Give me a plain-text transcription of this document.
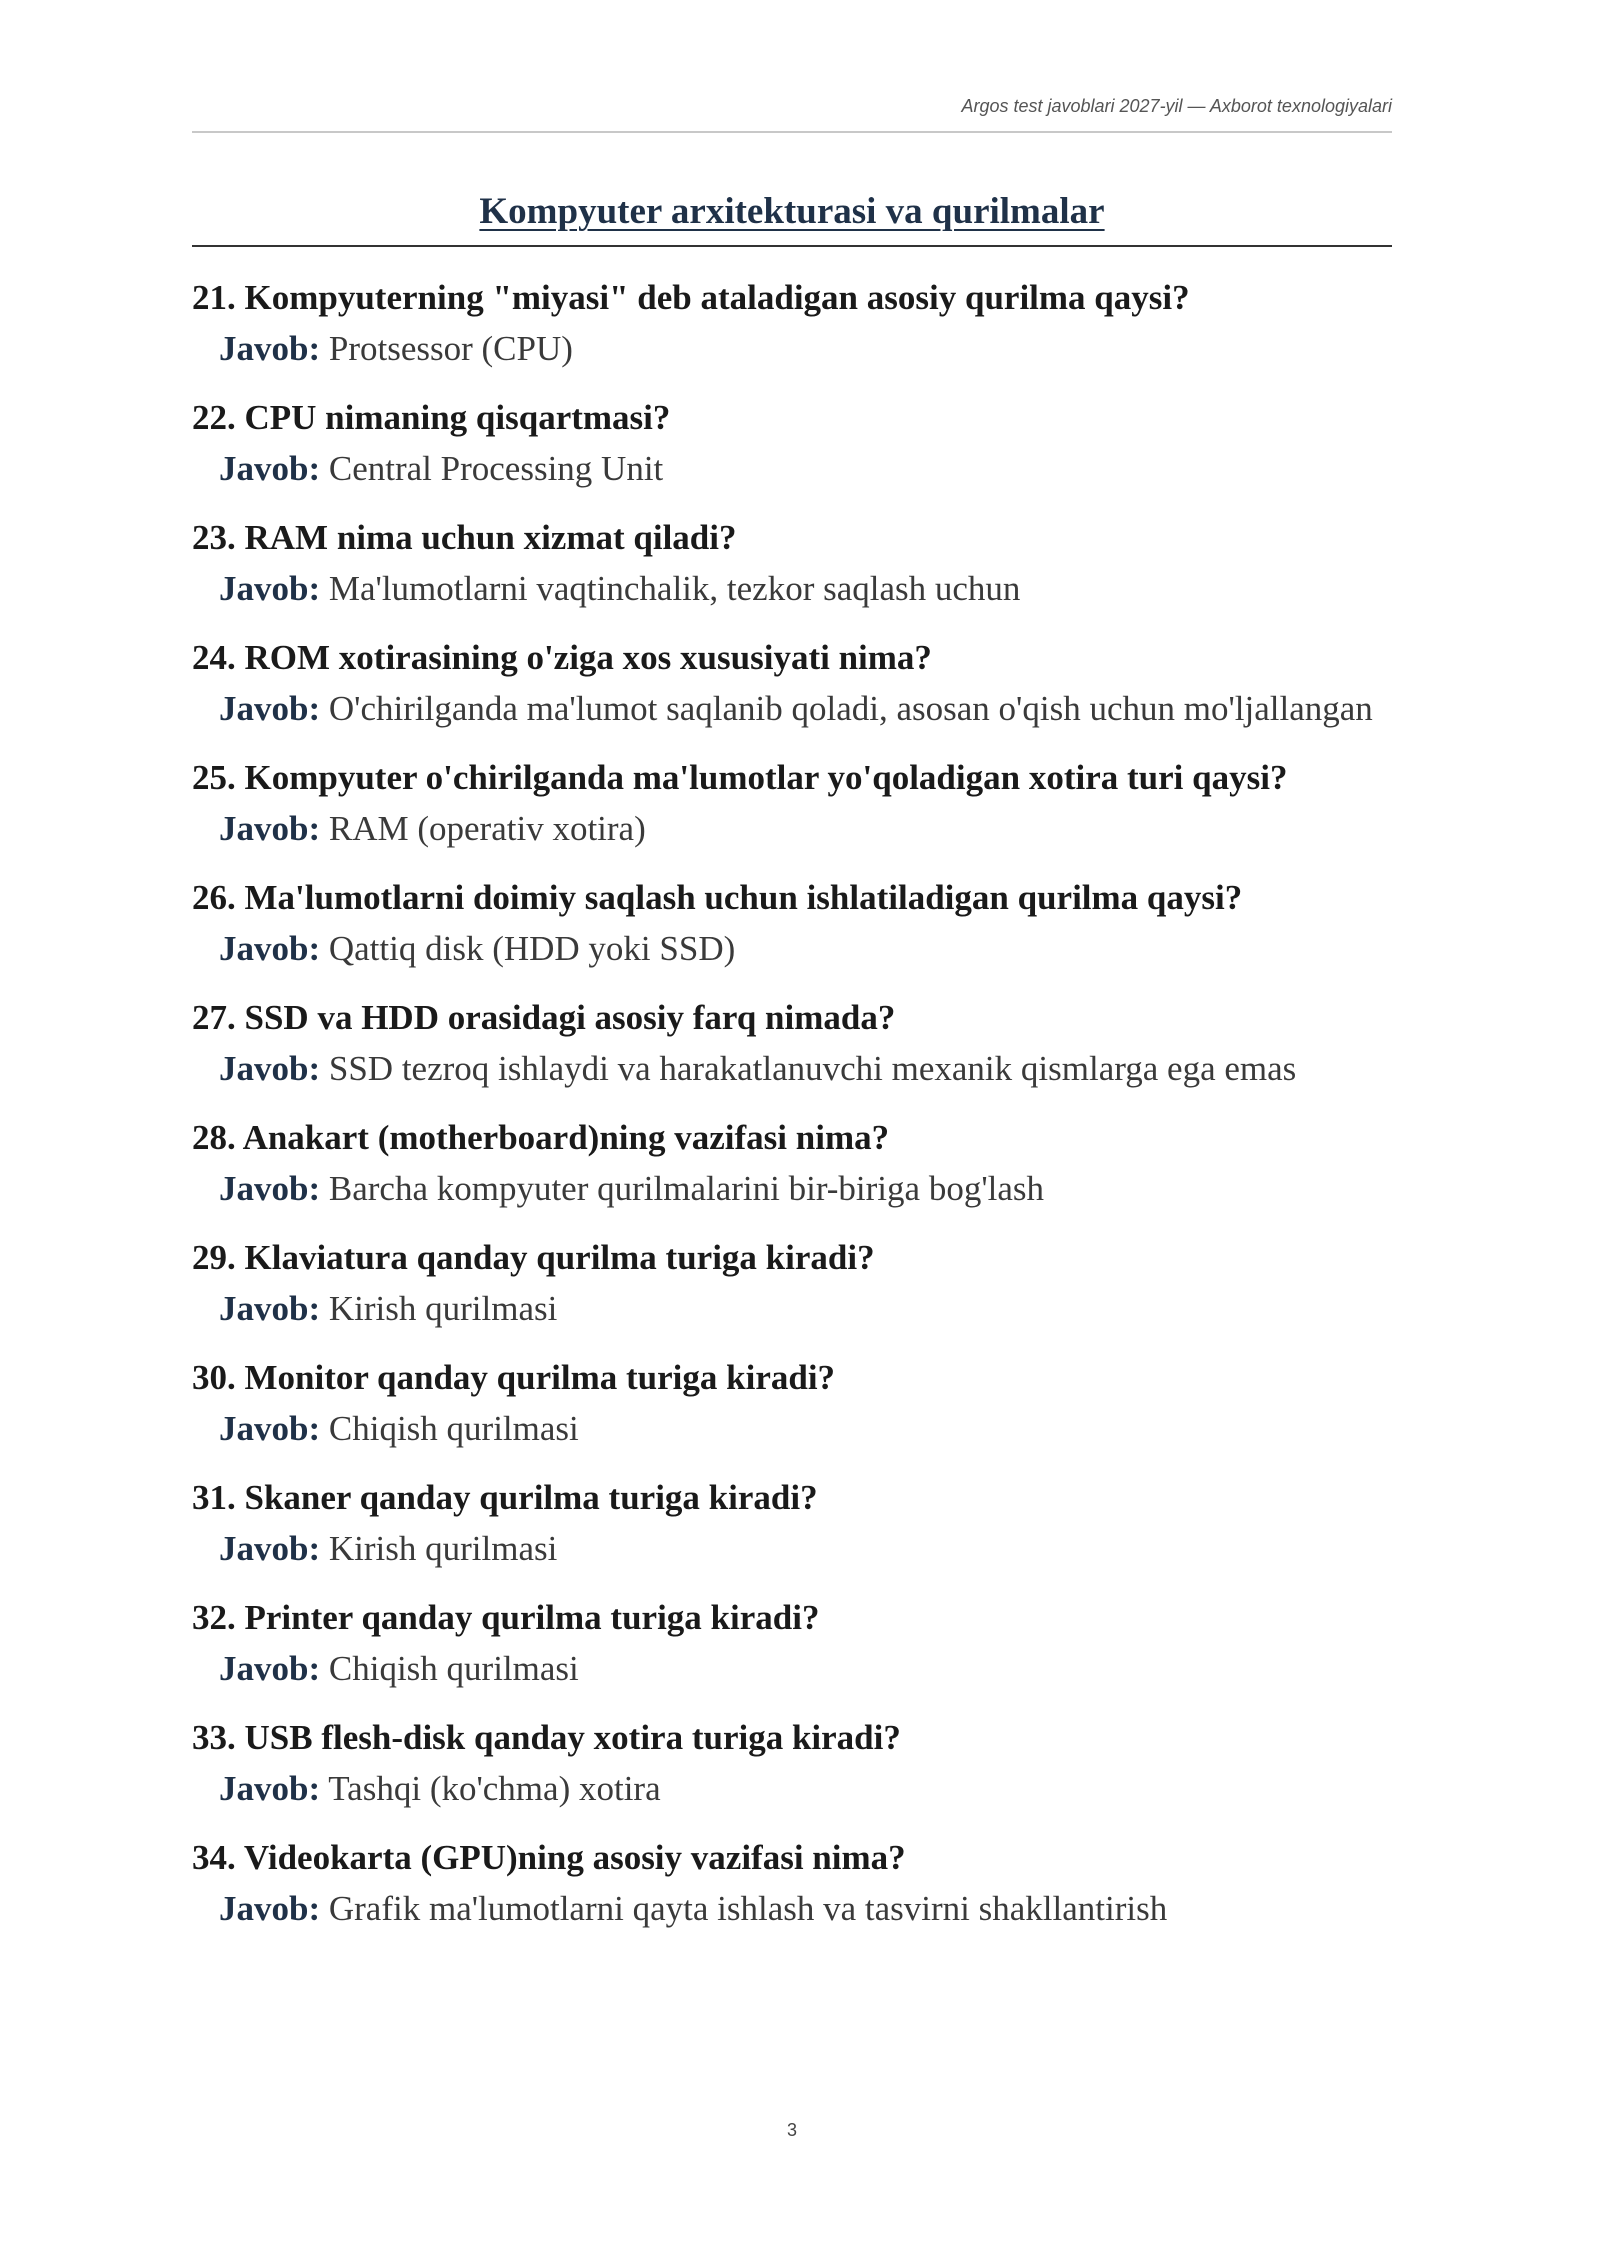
Argos test javoblari 2027-yil — Axborot texnologiyalari
Kompyuter arxitekturasi va qurilmalar
21. Kompyuterning "miyasi" deb ataladigan asosiy qurilma qaysi?
Javob: Protsessor (CPU)
22. CPU nimaning qisqartmasi?
Javob: Central Processing Unit
23. RAM nima uchun xizmat qiladi?
Javob: Ma'lumotlarni vaqtinchalik, tezkor saqlash uchun
24. ROM xotirasining o'ziga xos xususiyati nima?
Javob: O'chirilganda ma'lumot saqlanib qoladi, asosan o'qish uchun mo'ljallangan
25. Kompyuter o'chirilganda ma'lumotlar yo'qoladigan xotira turi qaysi?
Javob: RAM (operativ xotira)
26. Ma'lumotlarni doimiy saqlash uchun ishlatiladigan qurilma qaysi?
Javob: Qattiq disk (HDD yoki SSD)
27. SSD va HDD orasidagi asosiy farq nimada?
Javob: SSD tezroq ishlaydi va harakatlanuvchi mexanik qismlarga ega emas
28. Anakart (motherboard)ning vazifasi nima?
Javob: Barcha kompyuter qurilmalarini bir-biriga bog'lash
29. Klaviatura qanday qurilma turiga kiradi?
Javob: Kirish qurilmasi
30. Monitor qanday qurilma turiga kiradi?
Javob: Chiqish qurilmasi
31. Skaner qanday qurilma turiga kiradi?
Javob: Kirish qurilmasi
32. Printer qanday qurilma turiga kiradi?
Javob: Chiqish qurilmasi
33. USB flesh-disk qanday xotira turiga kiradi?
Javob: Tashqi (ko'chma) xotira
34. Videokarta (GPU)ning asosiy vazifasi nima?
Javob: Grafik ma'lumotlarni qayta ishlash va tasvirni shakllantirish
3
